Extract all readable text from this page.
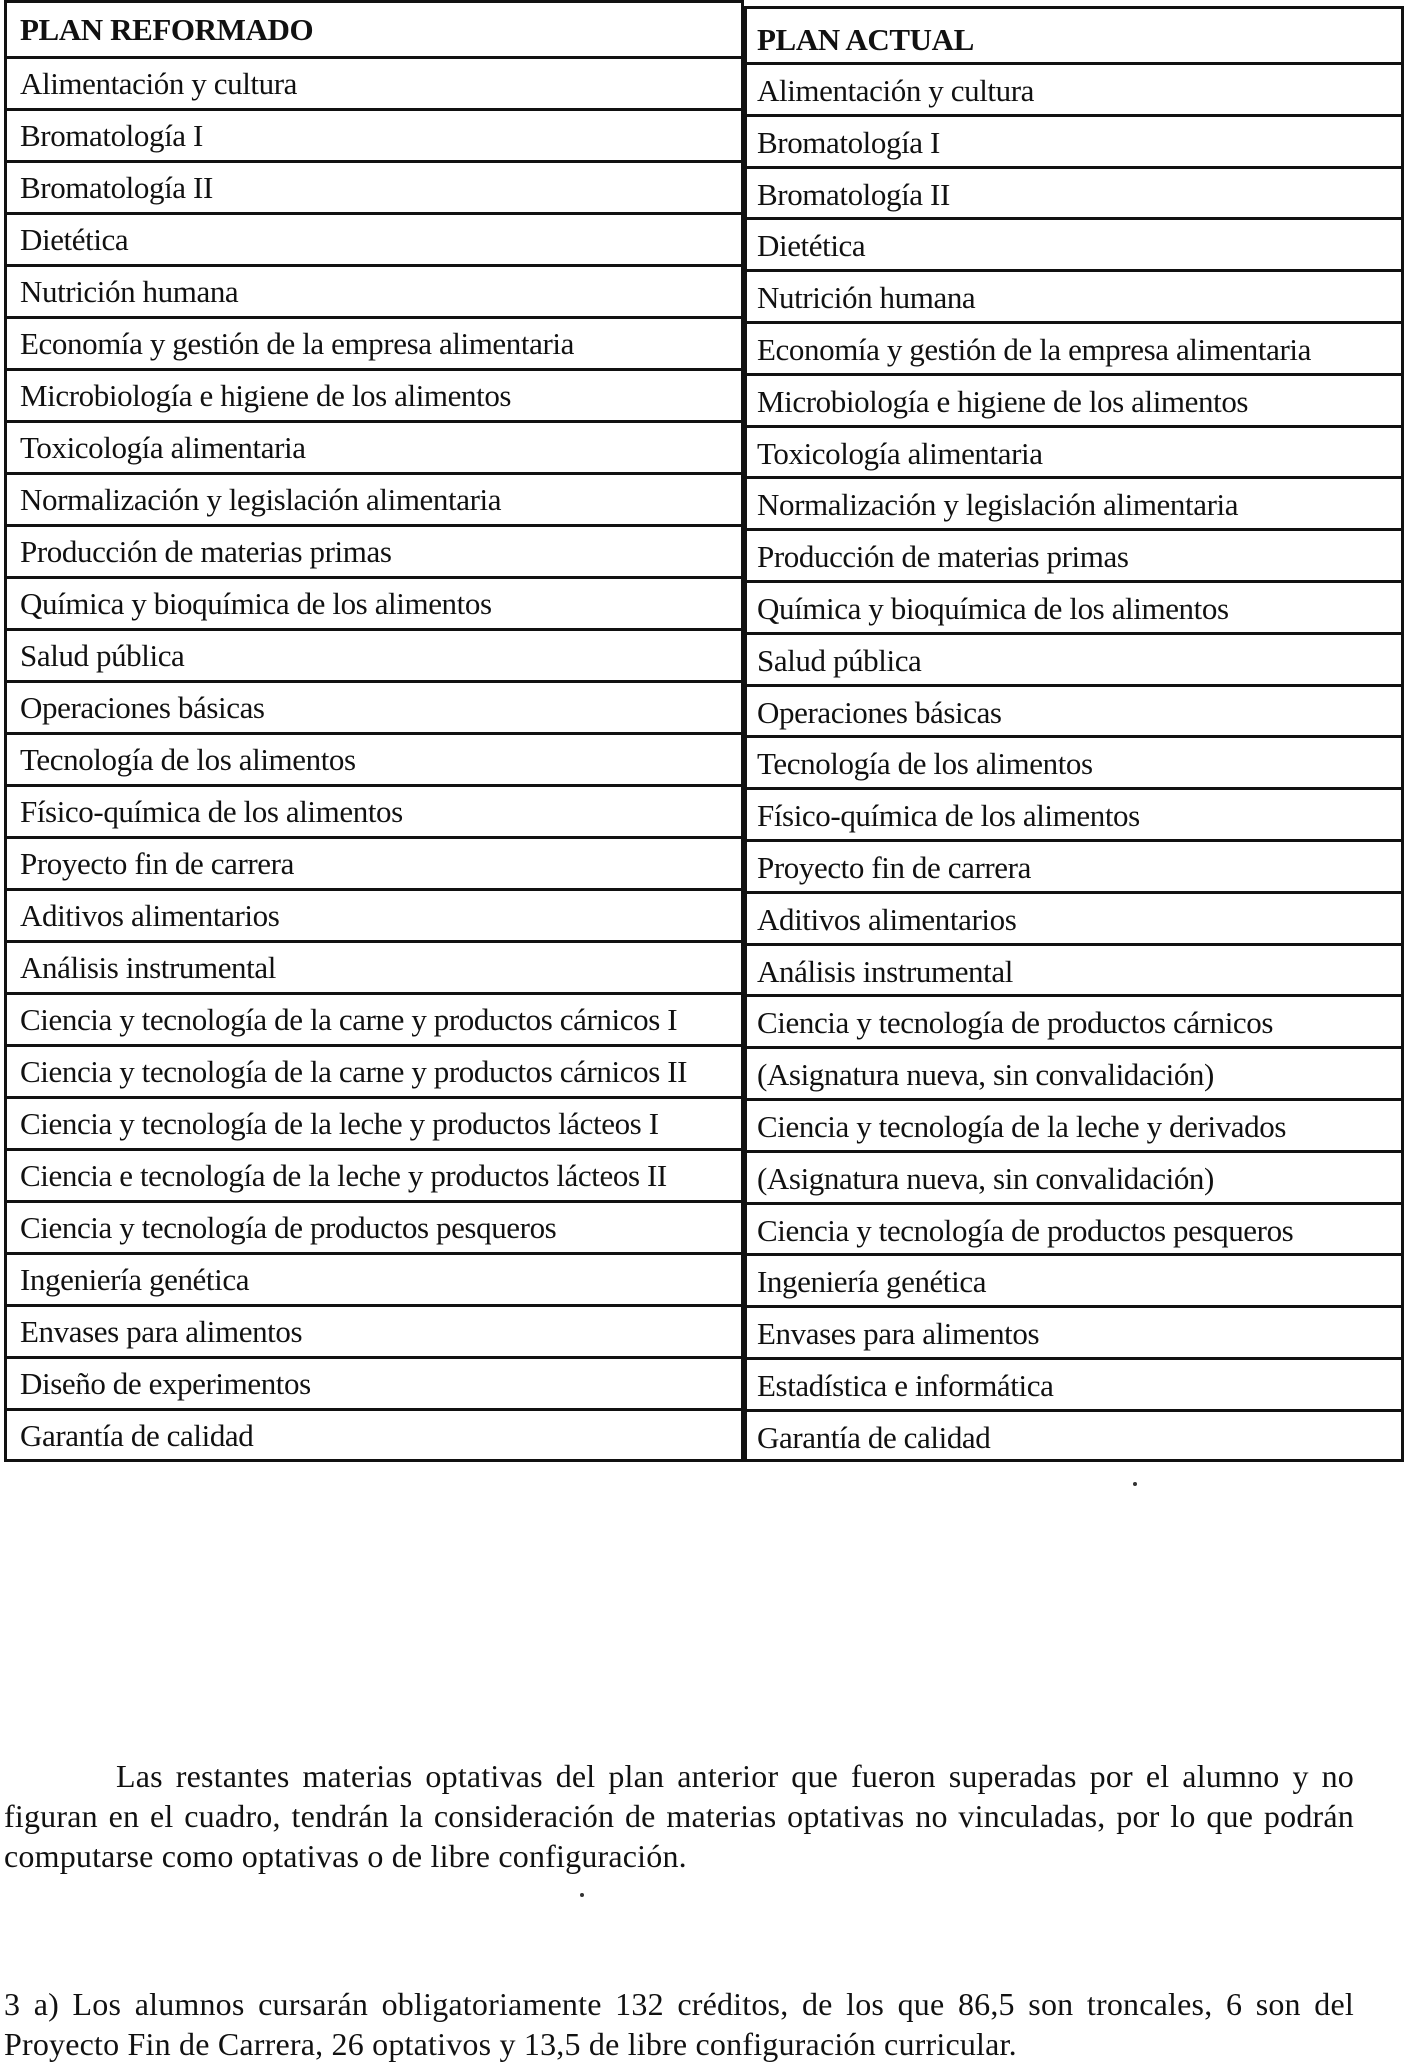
PLAN REFORMADO
Alimentación y cultura
Bromatología I
Bromatología II
Dietética
Nutrición humana
Economía y gestión de la empresa alimentaria
Microbiología e higiene de los alimentos
Toxicología alimentaria
Normalización y legislación alimentaria
Producción de materias primas
Química y bioquímica de los alimentos
Salud pública
Operaciones básicas
Tecnología de los alimentos
Físico-química de los alimentos
Proyecto fin de carrera
Aditivos alimentarios
Análisis instrumental
Ciencia y tecnología de la carne y productos cárnicos I
Ciencia y tecnología de la carne y productos cárnicos II
Ciencia y tecnología de la leche y productos lácteos I
Ciencia e tecnología de la leche y productos lácteos II
Ciencia y tecnología de productos pesqueros
Ingeniería genética
Envases para alimentos
Diseño de experimentos
Garantía de calidad
PLAN ACTUAL
Alimentación y cultura
Bromatología I
Bromatología II
Dietética
Nutrición humana
Economía y gestión de la empresa alimentaria
Microbiología e higiene de los alimentos
Toxicología alimentaria
Normalización y legislación alimentaria
Producción de materias primas
Química y bioquímica de los alimentos
Salud pública
Operaciones básicas
Tecnología de los alimentos
Físico-química de los alimentos
Proyecto fin de carrera
Aditivos alimentarios
Análisis instrumental
Ciencia y tecnología de productos cárnicos
(Asignatura nueva, sin convalidación)
Ciencia y tecnología de la leche y derivados
(Asignatura nueva, sin convalidación)
Ciencia y tecnología de productos pesqueros
Ingeniería genética
Envases para alimentos
Estadística e informática
Garantía de calidad

Las restantes materias optativas del plan anterior que fueron superadas por el alumno y no figuran en el cuadro, tendrán la consideración de materias optativas no vinculadas, por lo que podrán computarse como optativas o de libre configuración.

3 a) Los alumnos cursarán obligatoriamente 132 créditos, de los que 86,5 son troncales, 6 son del Proyecto Fin de Carrera, 26 optativos y 13,5 de libre configuración curricular.
